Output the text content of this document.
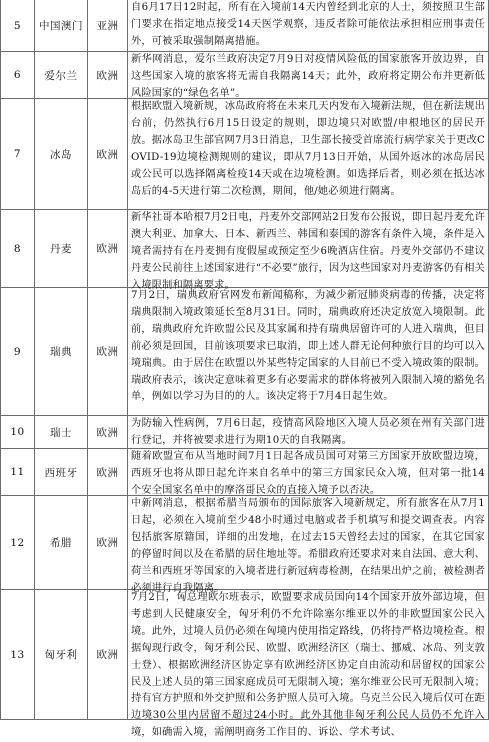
5	中国澳门	亚洲	自6月17日12时起，所有在入境前14天内曾经到北京的人士，须按照卫生部门要求在指定地点接受14天医学观察，违反者除可能依法承担相应刑事责任外，可被采取强制隔离措施。

6	爱尔兰	欧洲	新华网消息，爱尔兰政府决定7月9日对疫情风险低的国家旅客开放边界，自这些国家入境的旅客将无需自我隔离14天；此外，政府将定期公布并更新低风险国家的“绿色名单”。

7	冰岛	欧洲	根据欧盟入境新规，冰岛政府将在未来几天内发布入境新法规，但在新法规出台前，仍然执行6月15日设定的规则，即边境只对欧盟/申根地区的居民开放。据冰岛卫生部官网7月3日消息，卫生部长接受首席流行病学家关于更改COVID-19边境检测规则的建议，即从7月13日开始，从国外返冰的冰岛居民或公民可以选择隔离检疫14天或在边境检测。如选择后者，则必须在抵达冰岛后的4-5天进行第二次检测，期间，他/她必须进行隔离。

8	丹麦	欧洲	新华社哥本哈根7月2日电，丹麦外交部网站2日发布公报说，即日起丹麦允许澳大利亚、加拿大、日本、新西兰、韩国和泰国的游客有条件入境，条件是入境者需持有在丹麦拥有度假屋或预定至少6晚酒店住宿。丹麦外交部仍不建议丹麦公民前往上述国家进行“不必要”旅行，因为这些国家对丹麦游客仍有相关入境限制和隔离要求。

9	瑞典	欧洲	7月2日，瑞典政府官网发布新闻稿称，为减少新冠肺炎病毒的传播，决定将瑞典限制入境政策延长至8月31日。同时，瑞典政府还决定放宽入境限制。此前，瑞典政府允许欧盟公民及其家属和持有瑞典居留许可的人进入瑞典，但目前必须是回国，目前该项要求已取消，即上述人群无论何种旅行目的均可以入境瑞典。由于居住在欧盟以外某些特定国家的人目前已不受入境政策的限制。瑞政府表示，该决定意味着更多有必要需求的群体将被列入限制入境的豁免名单，例如以学习为目的的人。该决定将于7月4日起生效。

10	瑞士	欧洲	为防输入性病例，7月6日起，疫情高风险地区入境人员必须在州有关部门进行登记，并将被要求进行为期10天的自我隔离。

11	西班牙	欧洲	随着欧盟宣布从当地时间7月1日起各成员国可对第三方国家开放欧盟边境，西班牙也将从即日起允许来自名单中的第三方国家民众入境，但对第一批14个安全国家名单中的摩洛哥民众的直接入境予以否决。

12	希腊	欧洲	中新网消息，根据希腊当局颁布的国际旅客入境新规定，所有旅客在从7月1日起，必须在入境前至少48小时通过电脑或者手机填写和提交调查表。内容包括旅客原籍国，详细的出发地，在过去15天曾经去过的国家，在其它国家的停留时间以及在希腊的居住地址等。希腊政府还要求对来自法国、意大利、荷兰和西班牙等国家的入境者进行新冠病毒检测，在结果出炉之前，被检测者必须进行自我隔离。

13	匈牙利	欧洲	7月2日，匈总理欧尔班表示，欧盟要求成员国向14个国家开放外部边境，但考虑到人民健康安全，匈牙利仍不允许除塞尔维亚以外的非欧盟国家公民入境。此外，过境人员仍必须在匈境内使用指定路线，仍将持严格边境检查。根据匈现行政令，匈牙利公民、欧盟、欧洲经济区（瑞士、挪威、冰岛、列支敦士登）、根据欧洲经济区协定享有欧洲经济区协定自由流动和居留权的国家公民及上述人员的第三国家庭成员可无限制入境；塞尔维亚公民可无限制入境；持有官方护照和外交护照和公务护照人员可入境。乌克兰公民入境后仅可在距边境30公里内居留不超过24小时。此外其他非匈牙利公民人员仍不允许入境，如确需入境，需阐明商务工作目的、诉讼、学术考试、
